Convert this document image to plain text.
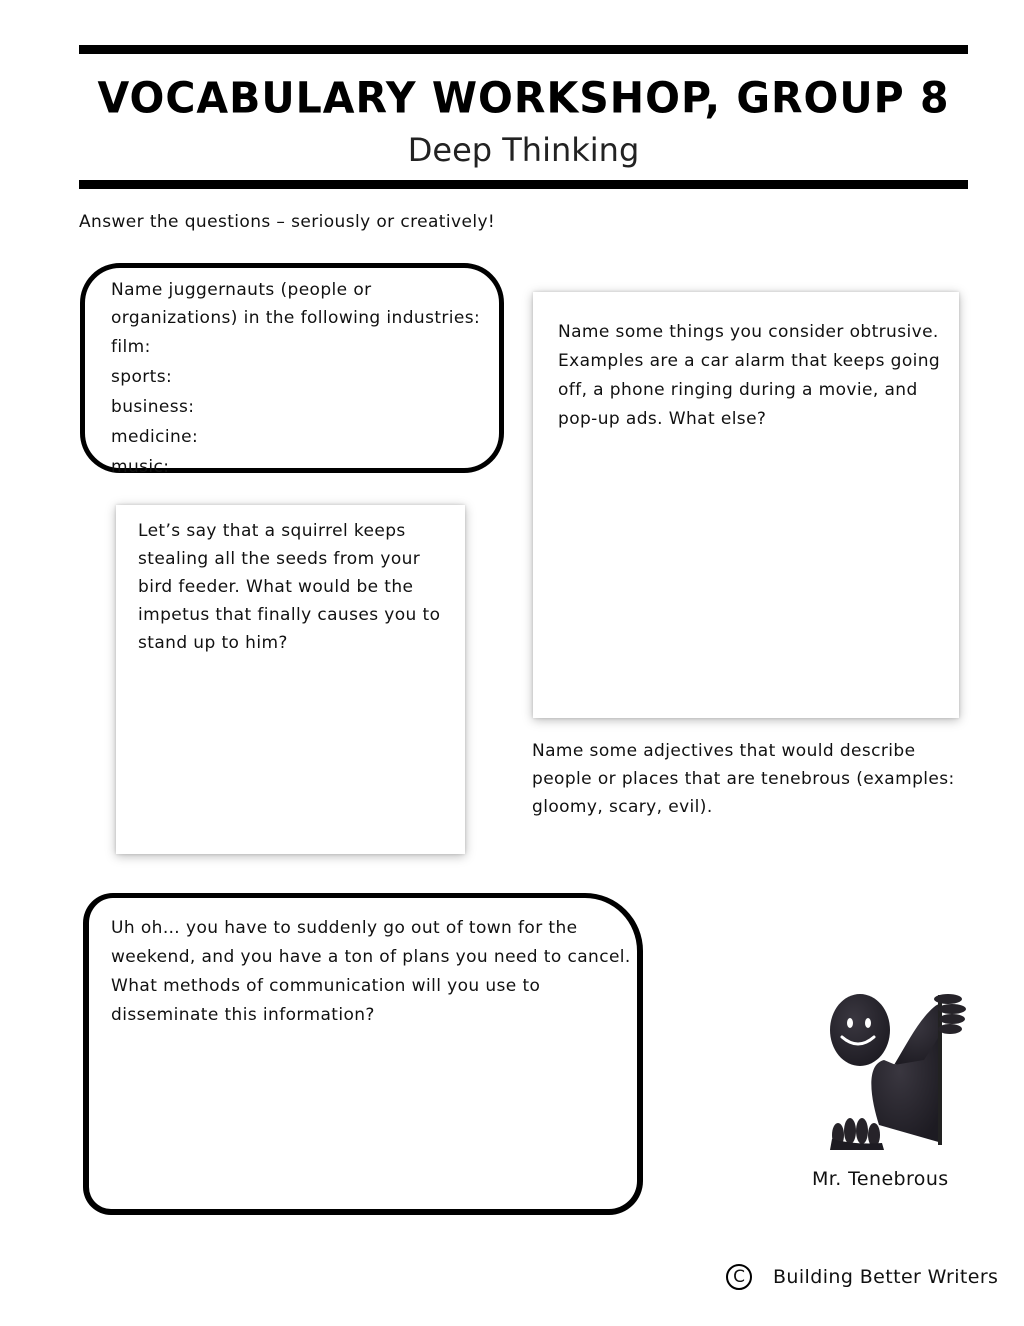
VOCABULARY WORKSHOP, GROUP 8
Deep Thinking
Answer the questions – seriously or creatively!
Name juggernauts (people or organizations) in the following industries:
film:
sports:
business:
medicine:
music:
Name some things you consider obtrusive. Examples are a car alarm that keeps going off, a phone ringing during a movie, and pop-up ads. What else?
Let’s say that a squirrel keeps stealing all the seeds from your bird feeder. What would be the impetus that finally causes you to stand up to him?
Name some adjectives that would describe people or places that are tenebrous (examples: gloomy, scary, evil).
Uh oh… you have to suddenly go out of town for the weekend, and you have a ton of plans you need to cancel. What methods of communication will you use to disseminate this information?
Mr. Tenebrous
C	Building Better Writers
